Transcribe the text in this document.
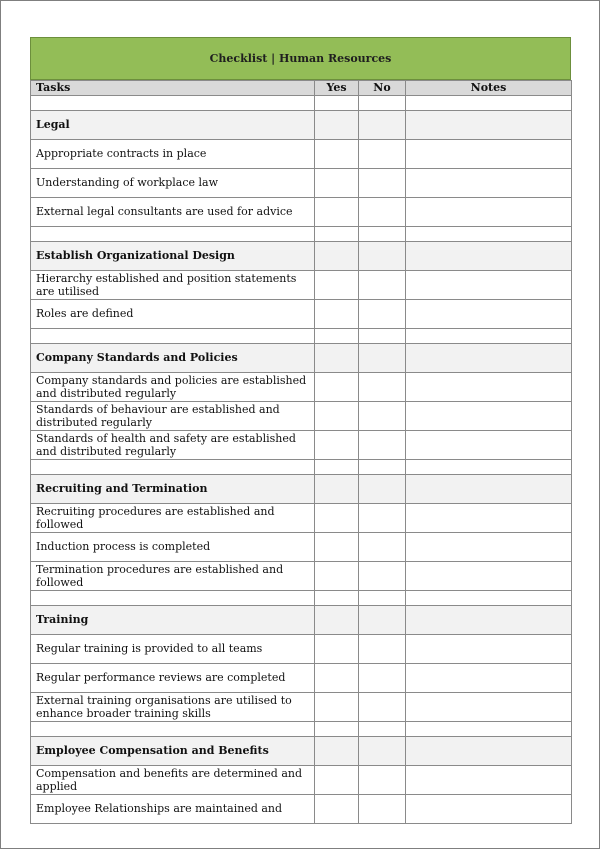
Checklist | Human Resources
Tasks	Yes	No	Notes

Legal			
Appropriate contracts in place			
Understanding of workplace law			
External legal consultants are used for advice			

Establish Organizational Design			
Hierarchy established and position statements are utilised			
Roles are defined			

Company Standards and Policies			
Company standards and policies are established and distributed regularly			
Standards of behaviour are established and distributed regularly			
Standards of health and safety are established and distributed regularly			

Recruiting and Termination			
Recruiting procedures are established and followed			
Induction process is completed			
Termination procedures are established and followed			

Training			
Regular training is provided to all teams			
Regular performance reviews are completed			
External training organisations are utilised to enhance broader training skills			

Employee Compensation and Benefits			
Compensation and benefits are determined and applied			
Employee Relationships are maintained and			
